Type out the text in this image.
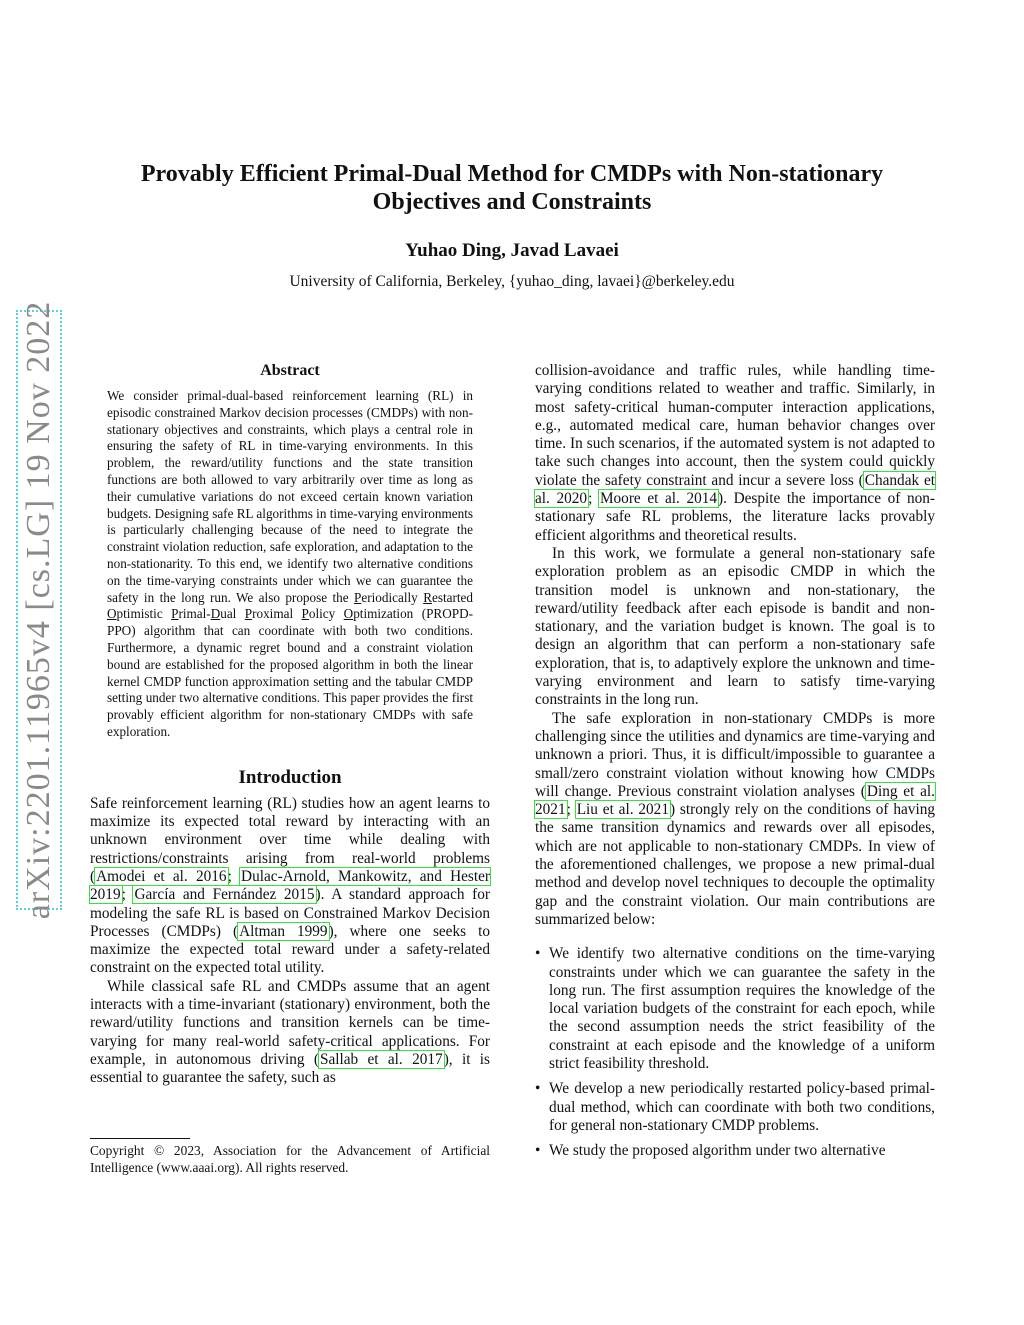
arXiv:2201.11965v4 [cs.LG] 19 Nov 2022
Provably Efficient Primal-Dual Method for CMDPs with Non-stationary
Objectives and Constraints
Yuhao Ding, Javad Lavaei
University of California, Berkeley, {yuhao_ding, lavaei}@berkeley.edu
Abstract
We consider primal-dual-based reinforcement learning (RL) in episodic constrained Markov decision processes (CMDPs) with non-stationary objectives and constraints, which plays a central role in ensuring the safety of RL in time-varying environments. In this problem, the reward/utility functions and the state transition functions are both allowed to vary arbitrarily over time as long as their cumulative variations do not exceed certain known variation budgets. Designing safe RL algorithms in time-varying environments is particularly challenging because of the need to integrate the constraint violation reduction, safe exploration, and adaptation to the non-stationarity. To this end, we identify two alternative conditions on the time-varying constraints under which we can guarantee the safety in the long run. We also propose the Periodically Restarted Optimistic Primal-Dual Proximal Policy Optimization (PROPD-PPO) algorithm that can coordinate with both two conditions. Furthermore, a dynamic regret bound and a constraint violation bound are established for the proposed algorithm in both the linear kernel CMDP function approximation setting and the tabular CMDP setting under two alternative conditions. This paper provides the first provably efficient algorithm for non-stationary CMDPs with safe exploration.
Introduction

Safe reinforcement learning (RL) studies how an agent learns to maximize its expected total reward by interacting with an unknown environment over time while dealing with restrictions/constraints arising from real-world problems (Amodei et al. 2016; Dulac-Arnold, Mankowitz, and Hester 2019; García and Fernández 2015). A standard approach for modeling the safe RL is based on Constrained Markov Decision Processes (CMDPs) (Altman 1999), where one seeks to maximize the expected total reward under a safety-related constraint on the expected total utility.

While classical safe RL and CMDPs assume that an agent interacts with a time-invariant (stationary) environment, both the reward/utility functions and transition kernels can be time-varying for many real-world safety-critical applications. For example, in autonomous driving (Sallab et al. 2017), it is essential to guarantee the safety, such as

Copyright © 2023, Association for the Advancement of Artificial Intelligence (www.aaai.org). All rights reserved.

collision-avoidance and traffic rules, while handling time-varying conditions related to weather and traffic. Similarly, in most safety-critical human-computer interaction applications, e.g., automated medical care, human behavior changes over time. In such scenarios, if the automated system is not adapted to take such changes into account, then the system could quickly violate the safety constraint and incur a severe loss (Chandak et al. 2020; Moore et al. 2014). Despite the importance of non-stationary safe RL problems, the literature lacks provably efficient algorithms and theoretical results.

In this work, we formulate a general non-stationary safe exploration problem as an episodic CMDP in which the transition model is unknown and non-stationary, the reward/utility feedback after each episode is bandit and non-stationary, and the variation budget is known. The goal is to design an algorithm that can perform a non-stationary safe exploration, that is, to adaptively explore the unknown and time-varying environment and learn to satisfy time-varying constraints in the long run.

The safe exploration in non-stationary CMDPs is more challenging since the utilities and dynamics are time-varying and unknown a priori. Thus, it is difficult/impossible to guarantee a small/zero constraint violation without knowing how CMDPs will change. Previous constraint violation analyses (Ding et al. 2021; Liu et al. 2021) strongly rely on the conditions of having the same transition dynamics and rewards over all episodes, which are not applicable to non-stationary CMDPs. In view of the aforementioned challenges, we propose a new primal-dual method and develop novel techniques to decouple the optimality gap and the constraint violation. Our main contributions are summarized below:

• We identify two alternative conditions on the time-varying constraints under which we can guarantee the safety in the long run. The first assumption requires the knowledge of the local variation budgets of the constraint for each epoch, while the second assumption needs the strict feasibility of the constraint at each episode and the knowledge of a uniform strict feasibility threshold.
• We develop a new periodically restarted policy-based primal-dual method, which can coordinate with both two conditions, for general non-stationary CMDP problems.
• We study the proposed algorithm under two alternative
